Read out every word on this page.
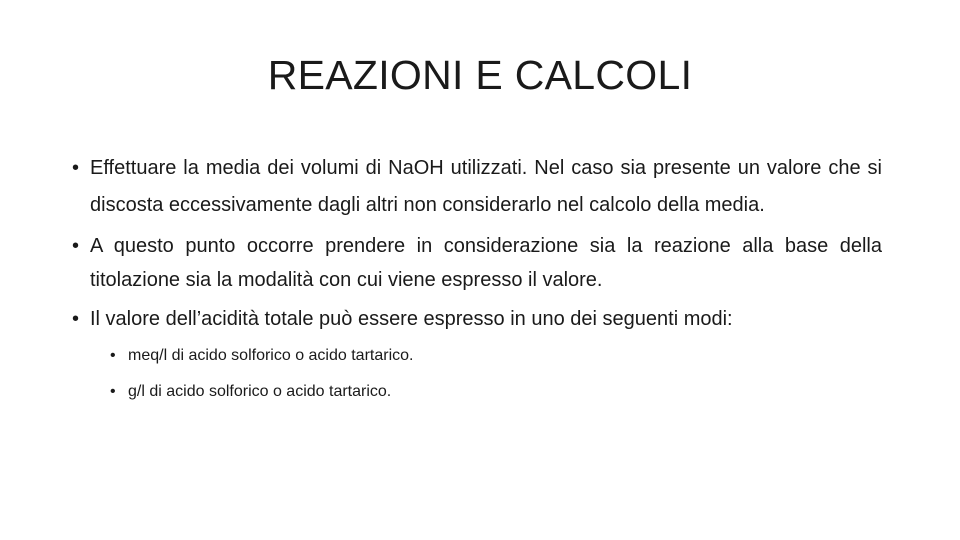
REAZIONI E CALCOLI
• Effettuare la media dei volumi di NaOH utilizzati. Nel caso sia presente un valore che si discosta eccessivamente dagli altri non considerarlo nel calcolo della media.
• A questo punto occorre prendere in considerazione sia la reazione alla base della titolazione sia la modalità con cui viene espresso il valore.
• Il valore dell’acidità totale può essere espresso in uno dei seguenti modi:
• meq/l di acido solforico o acido tartarico.
• g/l di acido solforico o acido tartarico.
